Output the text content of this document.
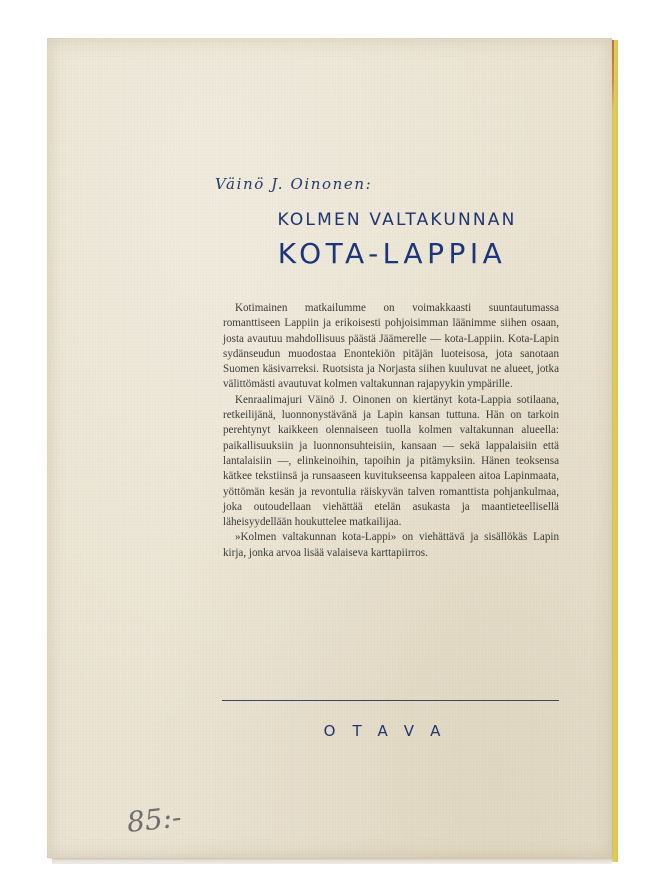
Väinö J. Oinonen:
KOLMEN VALTAKUNNAN
KOTA-LAPPIA

Kotimainen matkailumme on voimakkaasti suuntautumassa romanttiseen Lappiin ja erikoisesti pohjoisimman läänimme siihen osaan, josta avautuu mahdollisuus päästä Jäämerelle — kota-Lappiin. Kota-Lapin sydänseudun muodostaa Enontekiön pitäjän luoteisosa, jota sanotaan Suomen käsivarreksi. Ruotsista ja Norjasta siihen kuuluvat ne alueet, jotka välittömästi avautuvat kolmen valtakunnan rajapyykin ympärille.

Kenraalimajuri Väinö J. Oinonen on kiertänyt kota-Lappia sotilaana, retkeilijänä, luonnonystävänä ja Lapin kansan tuttuna. Hän on tarkoin perehtynyt kaikkeen olennaiseen tuolla kolmen valtakunnan alueella: paikallisuuksiin ja luonnonsuhteisiin, kansaan — sekä lappalaisiin että lantalaisiin —, elinkeinoihin, tapoihin ja pitämyksiin. Hänen teoksensa kätkee tekstiinsä ja runsaaseen kuvitukseensa kappaleen aitoa Lapinmaata, yöttömän kesän ja revontulia räiskyvän talven romanttista pohjankulmaa, joka outoudellaan viehättää etelän asukasta ja maantieteellisellä läheisyydellään houkuttelee matkailijaa.

»Kolmen valtakunnan kota-Lappi» on viehättävä ja sisällökäs Lapin kirja, jonka arvoa lisää valaiseva karttapiirros.

OTAVA
85:-
